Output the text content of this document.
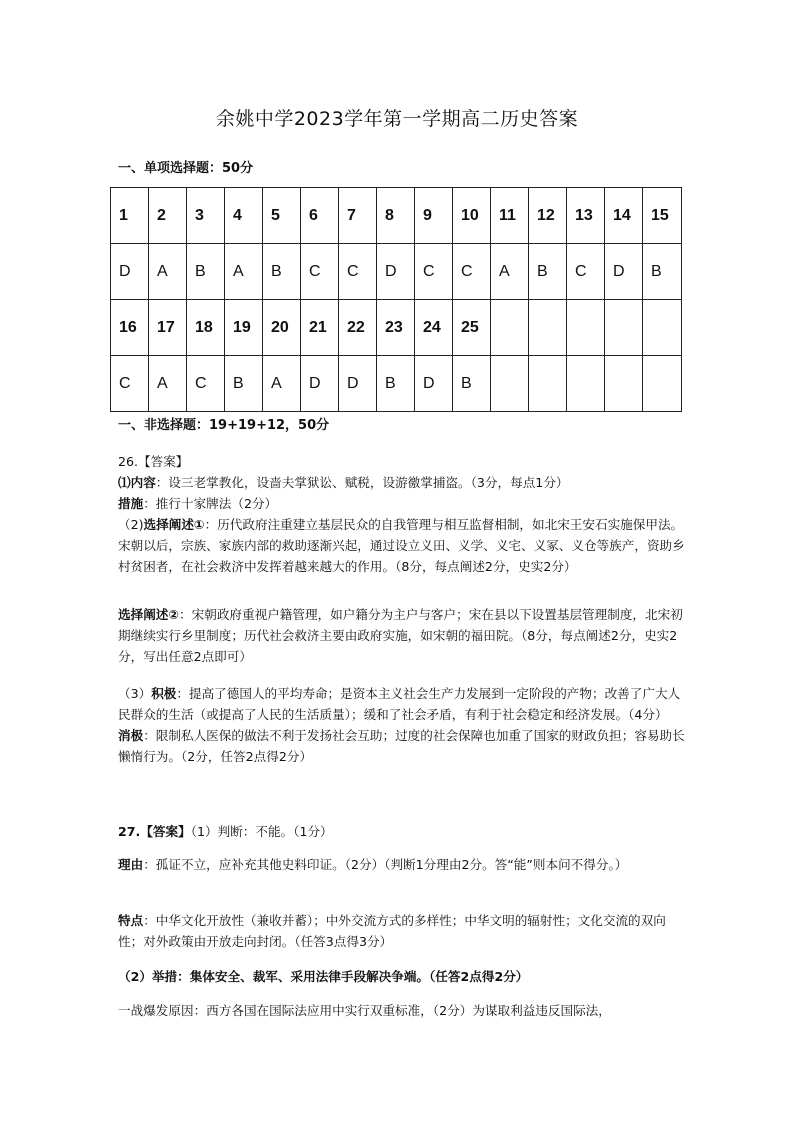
余姚中学2023学年第一学期高二历史答案
一、单项选择题：50分
1	2	3	4	5	6	7	8	9	10	11	12	13	14	15
D	A	B	A	B	C	C	D	C	C	A	B	C	D	B
16	17	18	19	20	21	22	23	24	25					
C	A	C	B	A	D	D	B	D	B					
一、非选择题：19+19+12，50分

26.【答案】

⑴内容：设三老掌教化，设啬夫掌狱讼、赋税，设游徼掌捕盗。（3分，每点1分）

措施：推行十家牌法（2分）

（2)选择阐述①：历代政府注重建立基层民众的自我管理与相互监督相制，如北宋王安石实施保甲法。宋朝以后，宗族、家族内部的救助逐渐兴起，通过设立义田、义学、义宅、义冢、义仓等族产，资助乡村贫困者，在社会救济中发挥着越来越大的作用。（8分，每点阐述2分，史实2分）

选择阐述②：宋朝政府重视户籍管理，如户籍分为主户与客户；宋在县以下设置基层管理制度，北宋初期继续实行乡里制度；历代社会救济主要由政府实施，如宋朝的福田院。（8分，每点阐述2分，史实2分，写出任意2点即可）

（3）积极：提高了德国人的平均寿命；是资本主义社会生产力发展到一定阶段的产物；改善了广大人民群众的生活（或提高了人民的生活质量）；缓和了社会矛盾，有利于社会稳定和经济发展。（4分）

消极：限制私人医保的做法不利于发扬社会互助；过度的社会保障也加重了国家的财政负担；容易助长懒惰行为。（2分，任答2点得2分）

27.【答案】（1）判断：不能。（1分）

理由：孤证不立，应补充其他史料印证。（2分）（判断1分理由2分。答“能”则本问不得分。）

特点：中华文化开放性（兼收并蓄）；中外交流方式的多样性；中华文明的辐射性；文化交流的双向性；对外政策由开放走向封闭。（任答3点得3分）

（2）举措：集体安全、裁军、采用法律手段解决争端。（任答2点得2分）

一战爆发原因：西方各国在国际法应用中实行双重标准，（2分）为谋取利益违反国际法，
